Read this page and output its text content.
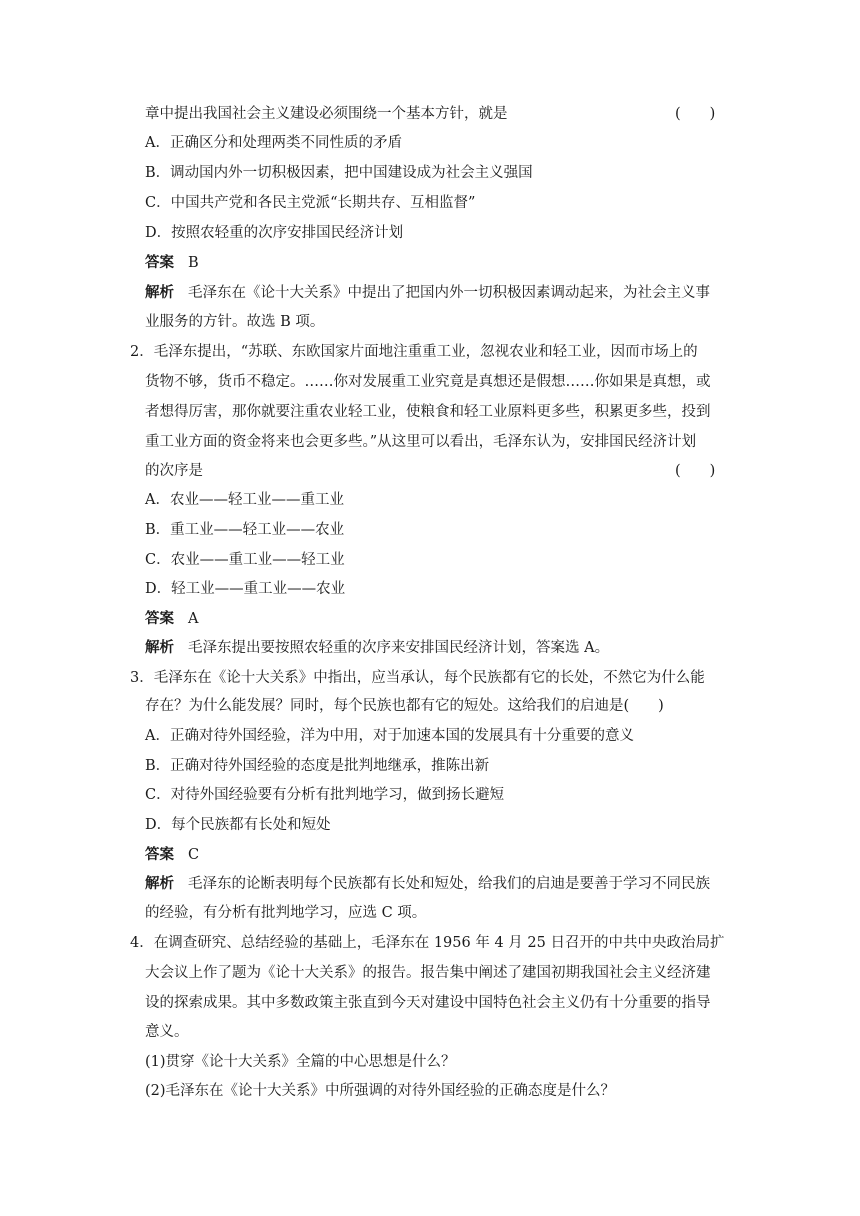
章中提出我国社会主义建设必须围绕一个基本方针，就是	(　　)
A．正确区分和处理两类不同性质的矛盾
B．调动国内外一切积极因素，把中国建设成为社会主义强国
C．中国共产党和各民主党派“长期共存、互相监督”
D．按照农轻重的次序安排国民经济计划
答案 B
解析 毛泽东在《论十大关系》中提出了把国内外一切积极因素调动起来，为社会主义事
业服务的方针。故选 B 项。
2．毛泽东提出，“苏联、东欧国家片面地注重重工业，忽视农业和轻工业，因而市场上的
货物不够，货币不稳定。……你对发展重工业究竟是真想还是假想……你如果是真想，或
者想得厉害，那你就要注重农业轻工业，使粮食和轻工业原料更多些，积累更多些，投到
重工业方面的资金将来也会更多些。”从这里可以看出，毛泽东认为，安排国民经济计划
的次序是	(　　)
A．农业——轻工业——重工业
B．重工业——轻工业——农业
C．农业——重工业——轻工业
D．轻工业——重工业——农业
答案 A
解析 毛泽东提出要按照农轻重的次序来安排国民经济计划，答案选 A。
3．毛泽东在《论十大关系》中指出，应当承认，每个民族都有它的长处，不然它为什么能
存在？为什么能发展？同时，每个民族也都有它的短处。这给我们的启迪是(　　)
A．正确对待外国经验，洋为中用，对于加速本国的发展具有十分重要的意义
B．正确对待外国经验的态度是批判地继承，推陈出新
C．对待外国经验要有分析有批判地学习，做到扬长避短
D．每个民族都有长处和短处
答案 C
解析 毛泽东的论断表明每个民族都有长处和短处，给我们的启迪是要善于学习不同民族
的经验，有分析有批判地学习，应选 C 项。
4．在调查研究、总结经验的基础上，毛泽东在 1956 年 4 月 25 日召开的中共中央政治局扩
大会议上作了题为《论十大关系》的报告。报告集中阐述了建国初期我国社会主义经济建
设的探索成果。其中多数政策主张直到今天对建设中国特色社会主义仍有十分重要的指导
意义。
(1)贯穿《论十大关系》全篇的中心思想是什么？
(2)毛泽东在《论十大关系》中所强调的对待外国经验的正确态度是什么？
